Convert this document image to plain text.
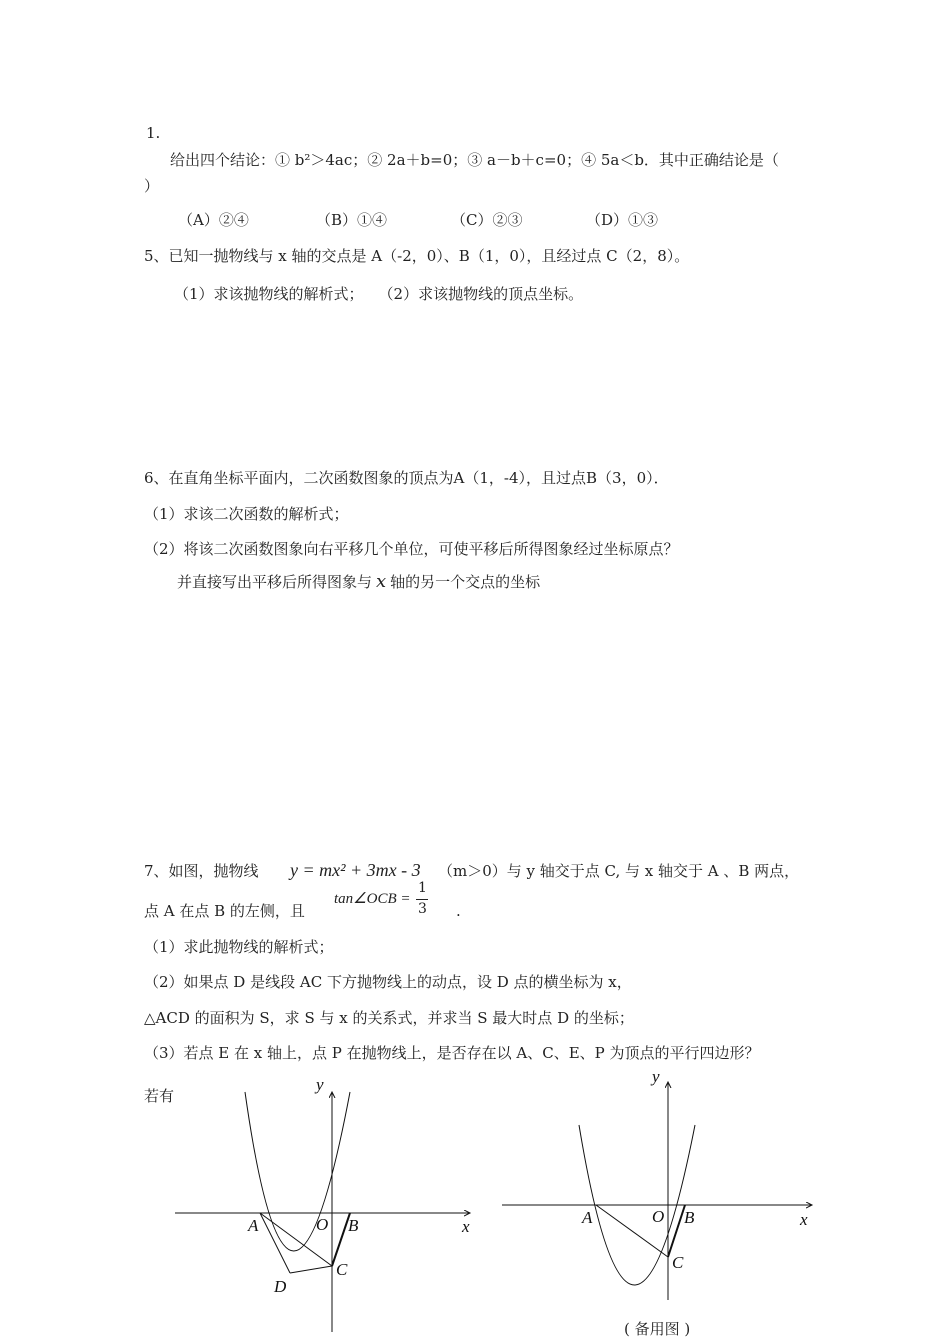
1.
给出四个结论：① b²＞4ac；② 2a＋b=0；③ a－b＋c=0；④ 5a＜b．其中正确结论是（
）
（A）②④	（B）①④	（C）②③	（D）①③
5、已知一抛物线与 x 轴的交点是 A（-2，0）、B（1，0），且经过点 C（2，8）。
（1）求该抛物线的解析式；　　（2）求该抛物线的顶点坐标。
6、在直角坐标平面内，二次函数图象的顶点为A（1，-4），且过点B（3，0）．
（1）求该二次函数的解析式；
（2）将该二次函数图象向右平移几个单位，可使平移后所得图象经过坐标原点？
并直接写出平移后所得图象与 x 轴的另一个交点的坐标
7、如图，抛物线 y = mx² + 3mx - 3 （m＞0）与 y 轴交于点 C, 与 x 轴交于 A 、B 两点，
点 A 在点 B 的左侧，且
tan∠OCB =
1
3 .
（1）求此抛物线的解析式；
（2）如果点 D 是线段 AC 下方抛物线上的动点，设 D 点的横坐标为 x，
△ACD 的面积为 S，求 S 与 x 的关系式，并求当 S 最大时点 D 的坐标；
（3）若点 E 在 x 轴上，点 P 在抛物线上，是否存在以 A、C、E、P 为顶点的平行四边形？
若有
y
x
O
A	B
C
D
y
x
O
A	B
C
( 备用图 )
